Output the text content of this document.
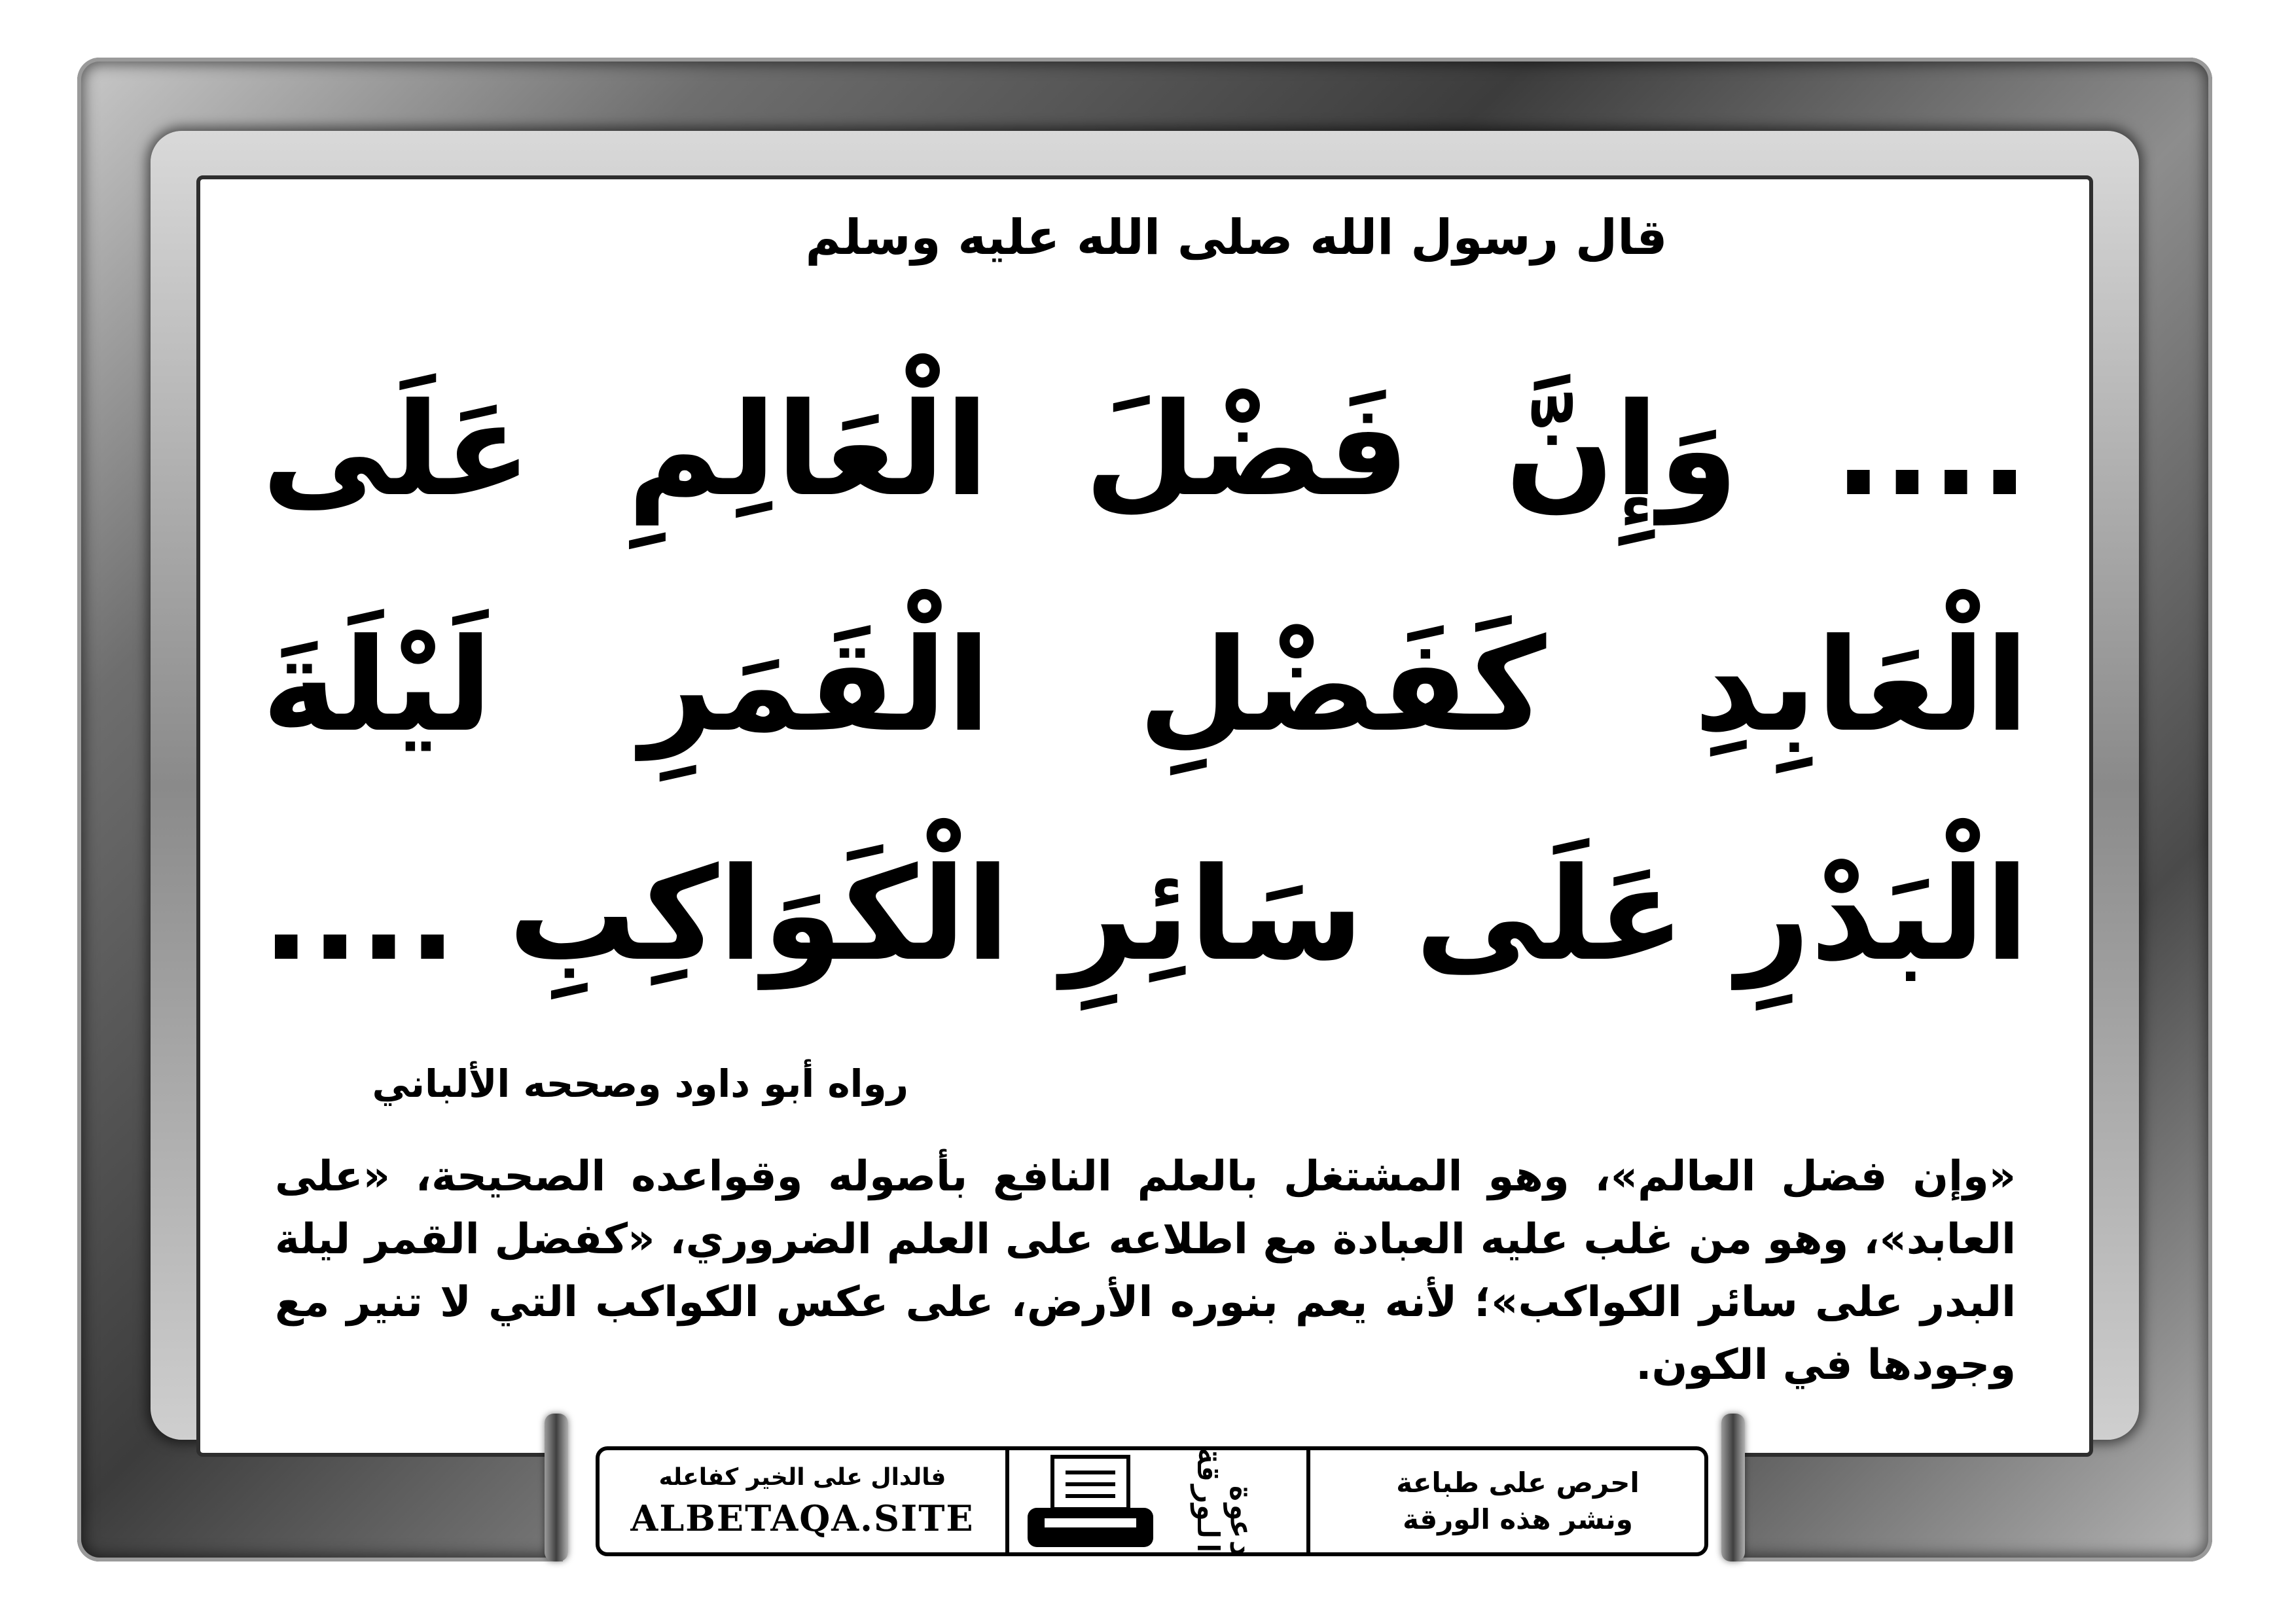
قال رسول الله صلى الله عليه وسلم
.... وَإِنَّ فَضْلَ الْعَالِمِ عَلَى
الْعَابِدِ كَفَضْلِ الْقَمَرِ لَيْلَةَ
الْبَدْرِ عَلَى سَائِرِ الْكَوَاكِبِ ....
رواه أبو داود وصححه الألباني
«وإن فضل العالم»، وهو المشتغل بالعلم النافع بأصوله وقواعده الصحيحة، «على العابد»، وهو من غلب عليه العبادة مع اطلاعه على العلم الضروري، «كفضل القمر ليلة البدر على سائر الكواكب»؛ لأنه يعم بنوره الأرض، على عكس الكواكب التي لا تنير مع وجودها في الكون.
فالدال على الخير كفاعله
ALBETAQA.SITE	دعوة الورقة	احرص على طباعة
ونشر هذه الورقة
